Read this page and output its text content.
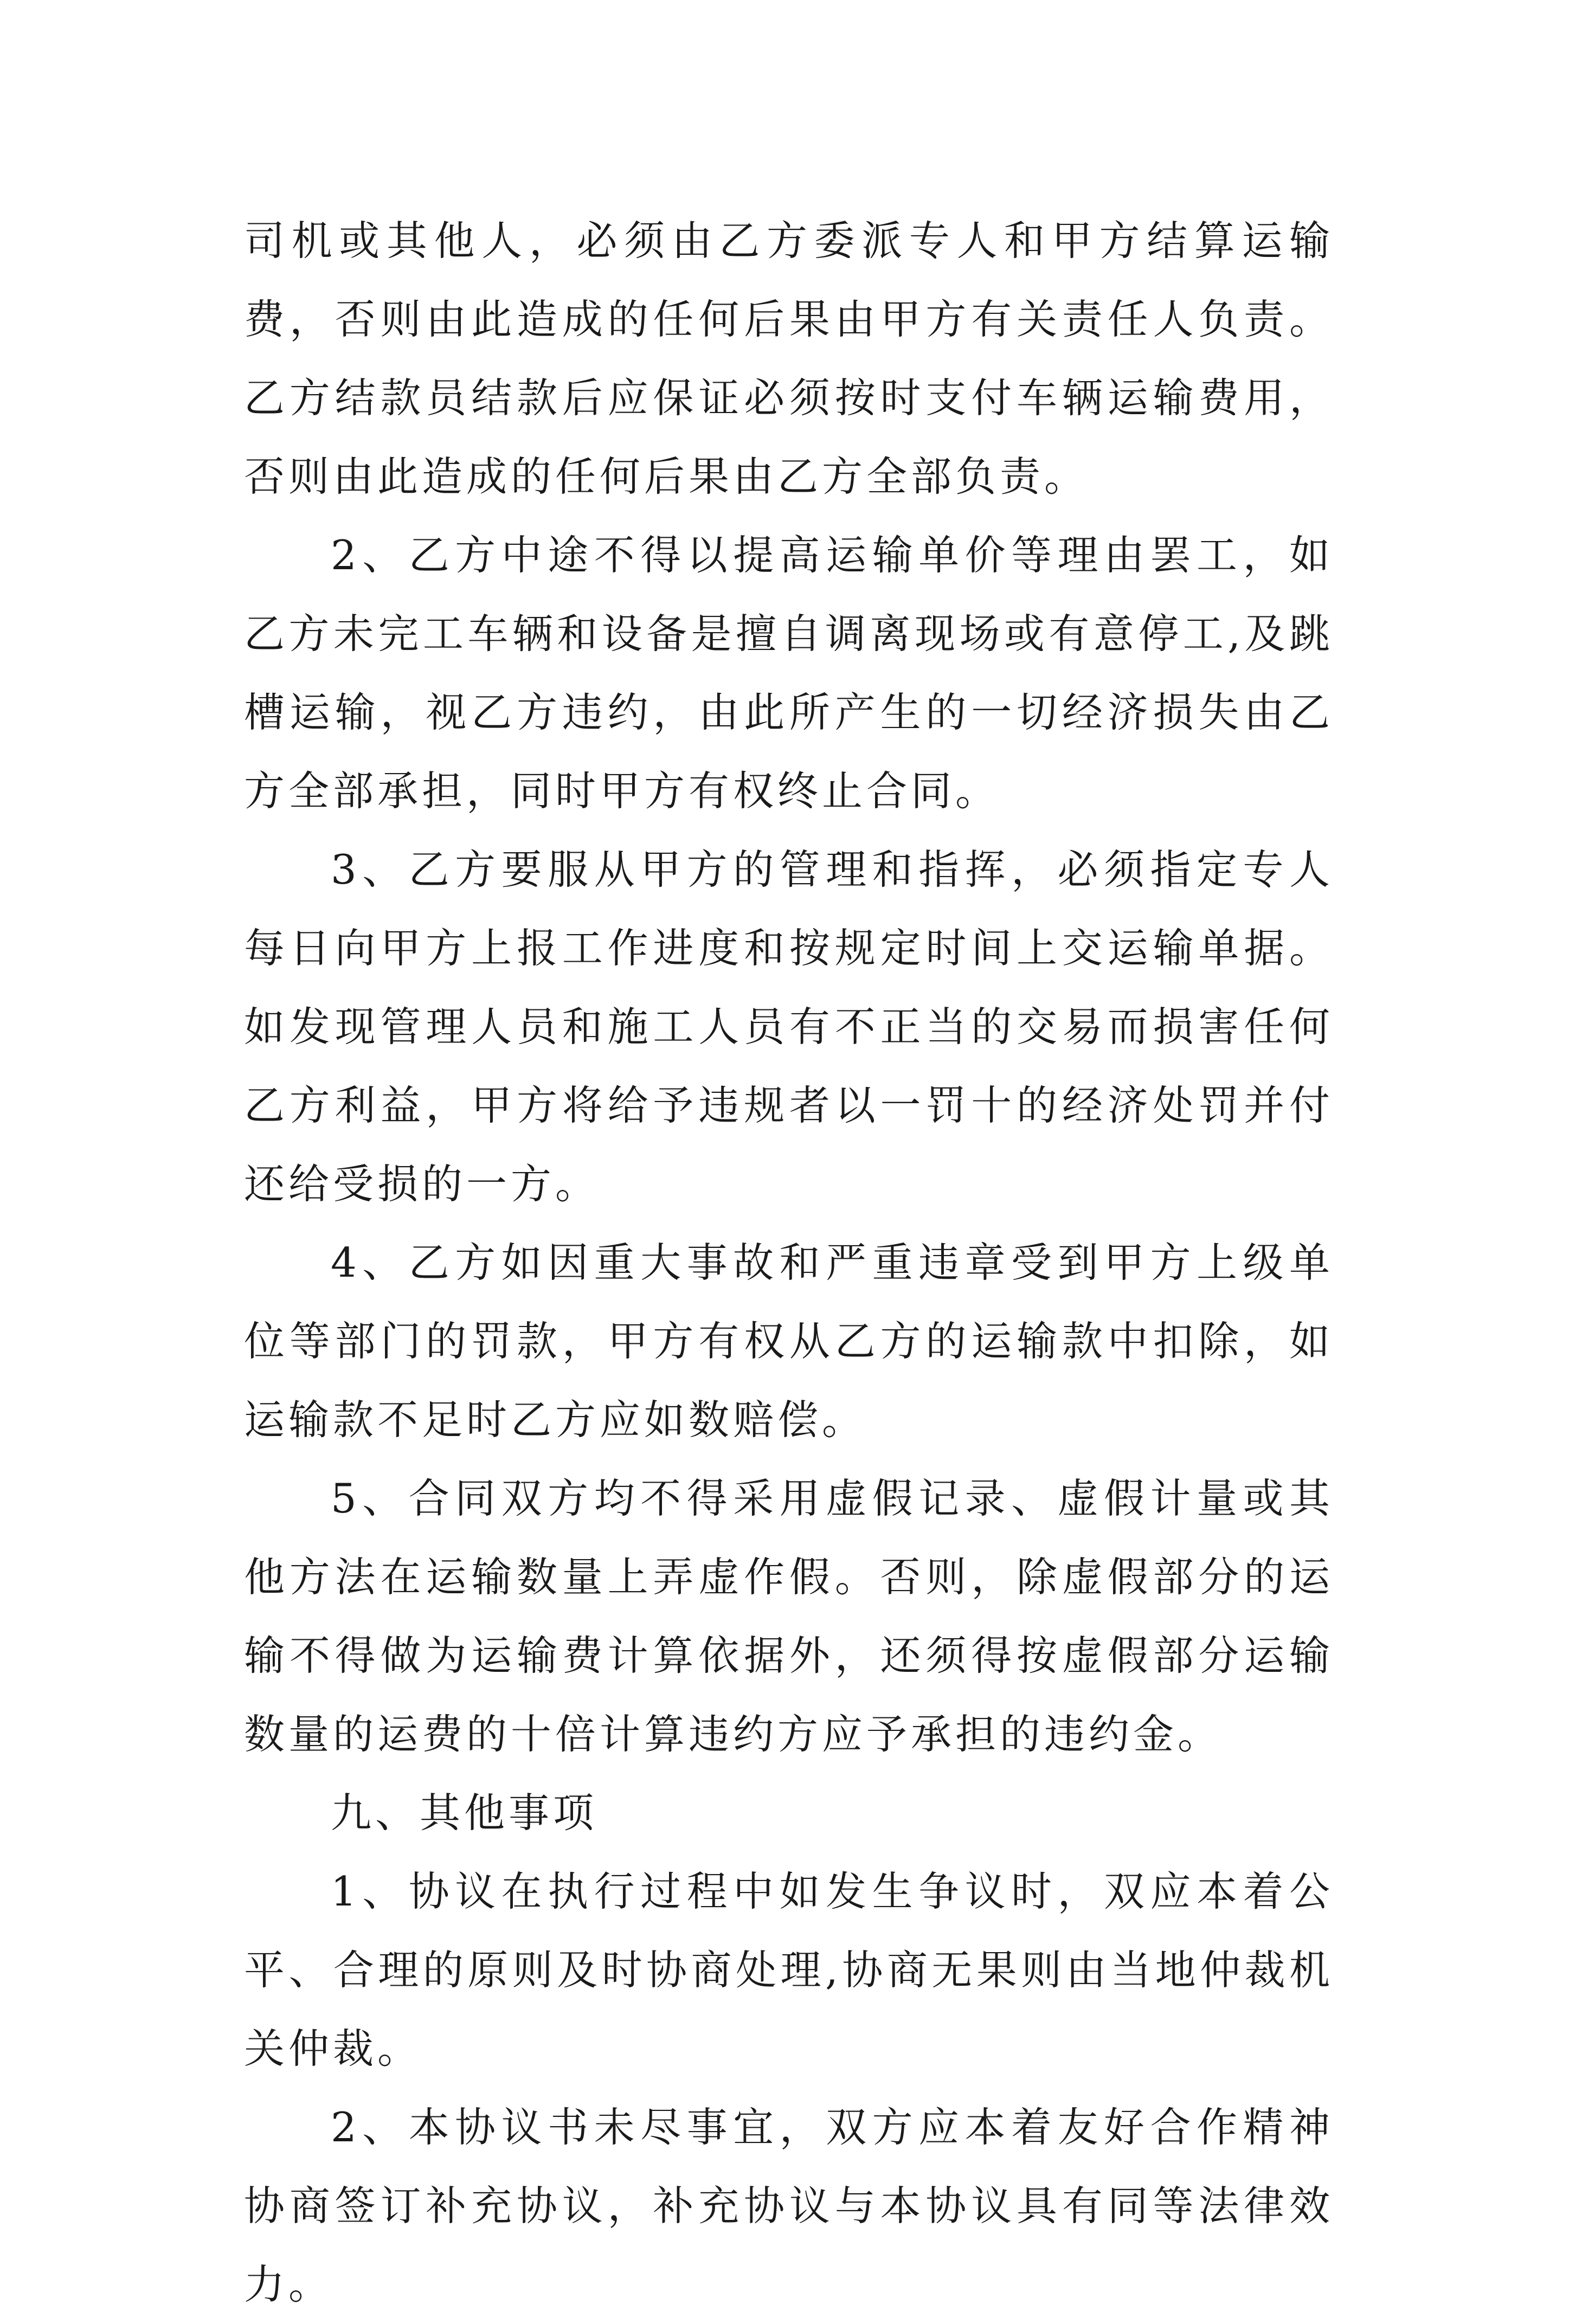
司机或其他人，必须由乙方委派专人和甲方结算运输费，否则由此造成的任何后果由甲方有关责任人负责。乙方结款员结款后应保证必须按时支付车辆运输费用，否则由此造成的任何后果由乙方全部负责。

2、乙方中途不得以提高运输单价等理由罢工，如乙方未完工车辆和设备是擅自调离现场或有意停工,及跳槽运输，视乙方违约，由此所产生的一切经济损失由乙方全部承担，同时甲方有权终止合同。

3、乙方要服从甲方的管理和指挥，必须指定专人 每日向甲方上报工作进度和按规定时间上交运输单据。如发现管理人员和施工人员有不正当的交易而损害任何乙方利益，甲方将给予违规者以一罚十的经济处罚并付还给受损的一方。

4、乙方如因重大事故和严重违章受到甲方上级单位等部门的罚款，甲方有权从乙方的运输款中扣除，如运输款不足时乙方应如数赔偿。

5、合同双方均不得采用虚假记录、虚假计量或其他方法在运输数量上弄虚作假。否则，除虚假部分的运输不得做为运输费计算依据外，还须得按虚假部分运输数量的运费的十倍计算违约方应予承担的违约金。

九、其他事项

1、协议在执行过程中如发生争议时，双应本着公平、合理的原则及时协商处理,协商无果则由当地仲裁机关仲裁。

2、本协议书未尽事宜，双方应本着友好合作精神协商签订补充协议，补充协议与本协议具有同等法律效力。
